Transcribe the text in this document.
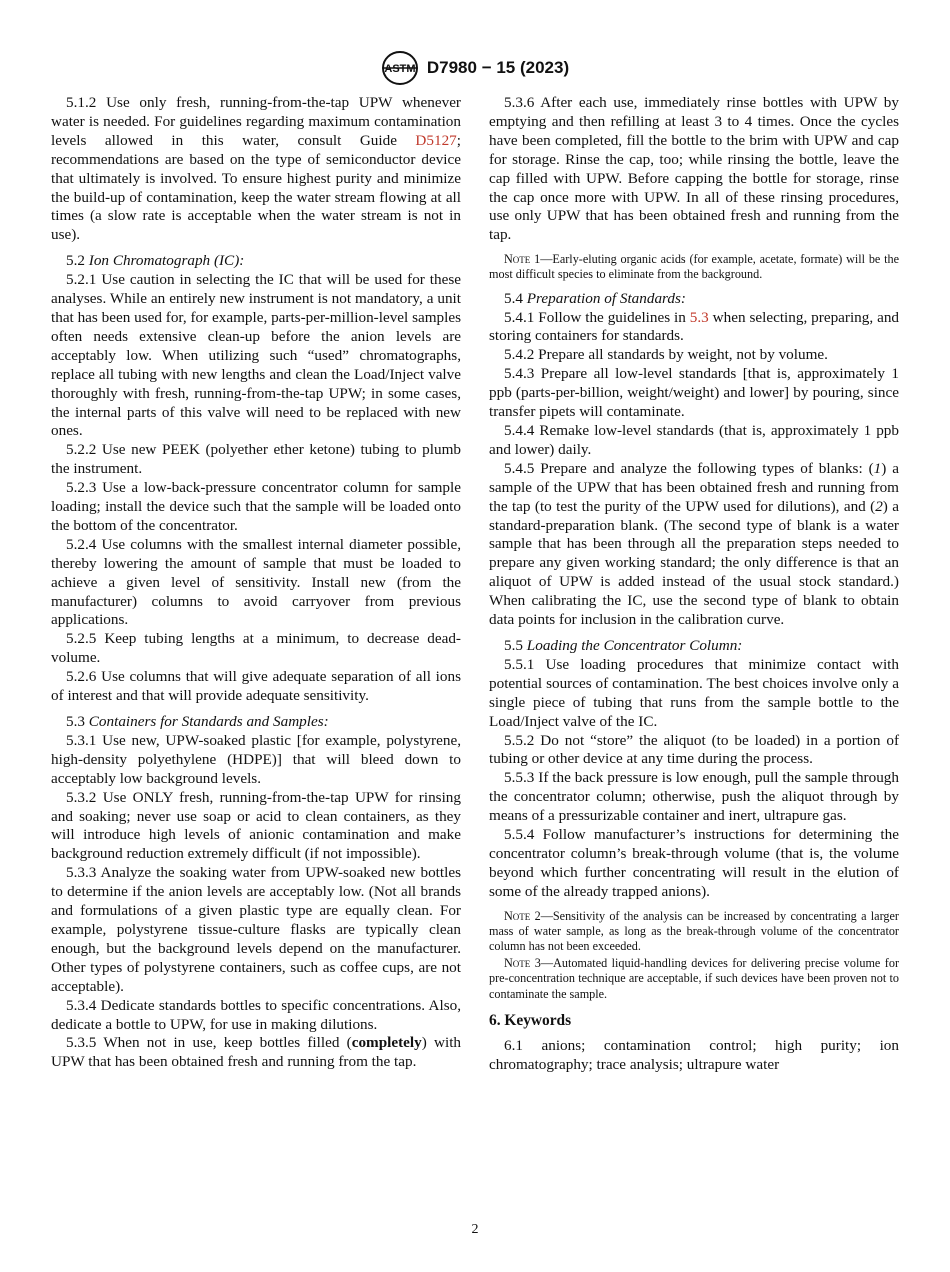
ASTM D7980 − 15 (2023)

5.1.2 Use only fresh, running-from-the-tap UPW whenever water is needed. For guidelines regarding maximum contamination levels allowed in this water, consult Guide D5127; recommendations are based on the type of semiconductor device that ultimately is involved. To ensure highest purity and minimize the build-up of contamination, keep the water stream flowing at all times (a slow rate is acceptable when the water stream is not in use).

5.2 Ion Chromatograph (IC):

5.2.1 Use caution in selecting the IC that will be used for these analyses. While an entirely new instrument is not mandatory, a unit that has been used for, for example, parts-per-million-level samples often needs extensive clean-up before the anion levels are acceptably low. When utilizing such “used” chromatographs, replace all tubing with new lengths and clean the Load/Inject valve thoroughly with fresh, running-from-the-tap UPW; in some cases, the internal parts of this valve will need to be replaced with new ones.

5.2.2 Use new PEEK (polyether ether ketone) tubing to plumb the instrument.

5.2.3 Use a low-back-pressure concentrator column for sample loading; install the device such that the sample will be loaded onto the bottom of the concentrator.

5.2.4 Use columns with the smallest internal diameter possible, thereby lowering the amount of sample that must be loaded to achieve a given level of sensitivity. Install new (from the manufacturer) columns to avoid carryover from previous applications.

5.2.5 Keep tubing lengths at a minimum, to decrease dead-volume.

5.2.6 Use columns that will give adequate separation of all ions of interest and that will provide adequate sensitivity.

5.3 Containers for Standards and Samples:

5.3.1 Use new, UPW-soaked plastic [for example, polystyrene, high-density polyethylene (HDPE)] that will bleed down to acceptably low background levels.

5.3.2 Use ONLY fresh, running-from-the-tap UPW for rinsing and soaking; never use soap or acid to clean containers, as they will introduce high levels of anionic contamination and make background reduction extremely difficult (if not impossible).

5.3.3 Analyze the soaking water from UPW-soaked new bottles to determine if the anion levels are acceptably low. (Not all brands and formulations of a given plastic type are equally clean. For example, polystyrene tissue-culture flasks are typically clean enough, but the background levels depend on the manufacturer. Other types of polystyrene containers, such as coffee cups, are not acceptable).

5.3.4 Dedicate standards bottles to specific concentrations. Also, dedicate a bottle to UPW, for use in making dilutions.

5.3.5 When not in use, keep bottles filled (completely) with UPW that has been obtained fresh and running from the tap.

5.3.6 After each use, immediately rinse bottles with UPW by emptying and then refilling at least 3 to 4 times. Once the cycles have been completed, fill the bottle to the brim with UPW and cap for storage. Rinse the cap, too; while rinsing the bottle, leave the cap filled with UPW. Before capping the bottle for storage, rinse the cap once more with UPW. In all of these rinsing procedures, use only UPW that has been obtained fresh and running from the tap.

Note 1—Early-eluting organic acids (for example, acetate, formate) will be the most difficult species to eliminate from the background.

5.4 Preparation of Standards:

5.4.1 Follow the guidelines in 5.3 when selecting, preparing, and storing containers for standards.

5.4.2 Prepare all standards by weight, not by volume.

5.4.3 Prepare all low-level standards [that is, approximately 1 ppb (parts-per-billion, weight/weight) and lower] by pouring, since transfer pipets will contaminate.

5.4.4 Remake low-level standards (that is, approximately 1 ppb and lower) daily.

5.4.5 Prepare and analyze the following types of blanks: (1) a sample of the UPW that has been obtained fresh and running from the tap (to test the purity of the UPW used for dilutions), and (2) a standard-preparation blank. (The second type of blank is a water sample that has been through all the preparation steps needed to prepare any given working standard; the only difference is that an aliquot of UPW is added instead of the usual stock standard.) When calibrating the IC, use the second type of blank to obtain data points for inclusion in the calibration curve.

5.5 Loading the Concentrator Column:

5.5.1 Use loading procedures that minimize contact with potential sources of contamination. The best choices involve only a single piece of tubing that runs from the sample bottle to the Load/Inject valve of the IC.

5.5.2 Do not “store” the aliquot (to be loaded) in a portion of tubing or other device at any time during the process.

5.5.3 If the back pressure is low enough, pull the sample through the concentrator column; otherwise, push the aliquot through by means of a pressurizable container and inert, ultrapure gas.

5.5.4 Follow manufacturer’s instructions for determining the concentrator column’s break-through volume (that is, the volume beyond which further concentrating will result in the elution of some of the already trapped anions).

Note 2—Sensitivity of the analysis can be increased by concentrating a larger mass of water sample, as long as the break-through volume of the concentrator column has not been exceeded.

Note 3—Automated liquid-handling devices for delivering precise volume for pre-concentration technique are acceptable, if such devices have been proven not to contaminate the sample.

6. Keywords

6.1 anions; contamination control; high purity; ion chromatography; trace analysis; ultrapure water

2
